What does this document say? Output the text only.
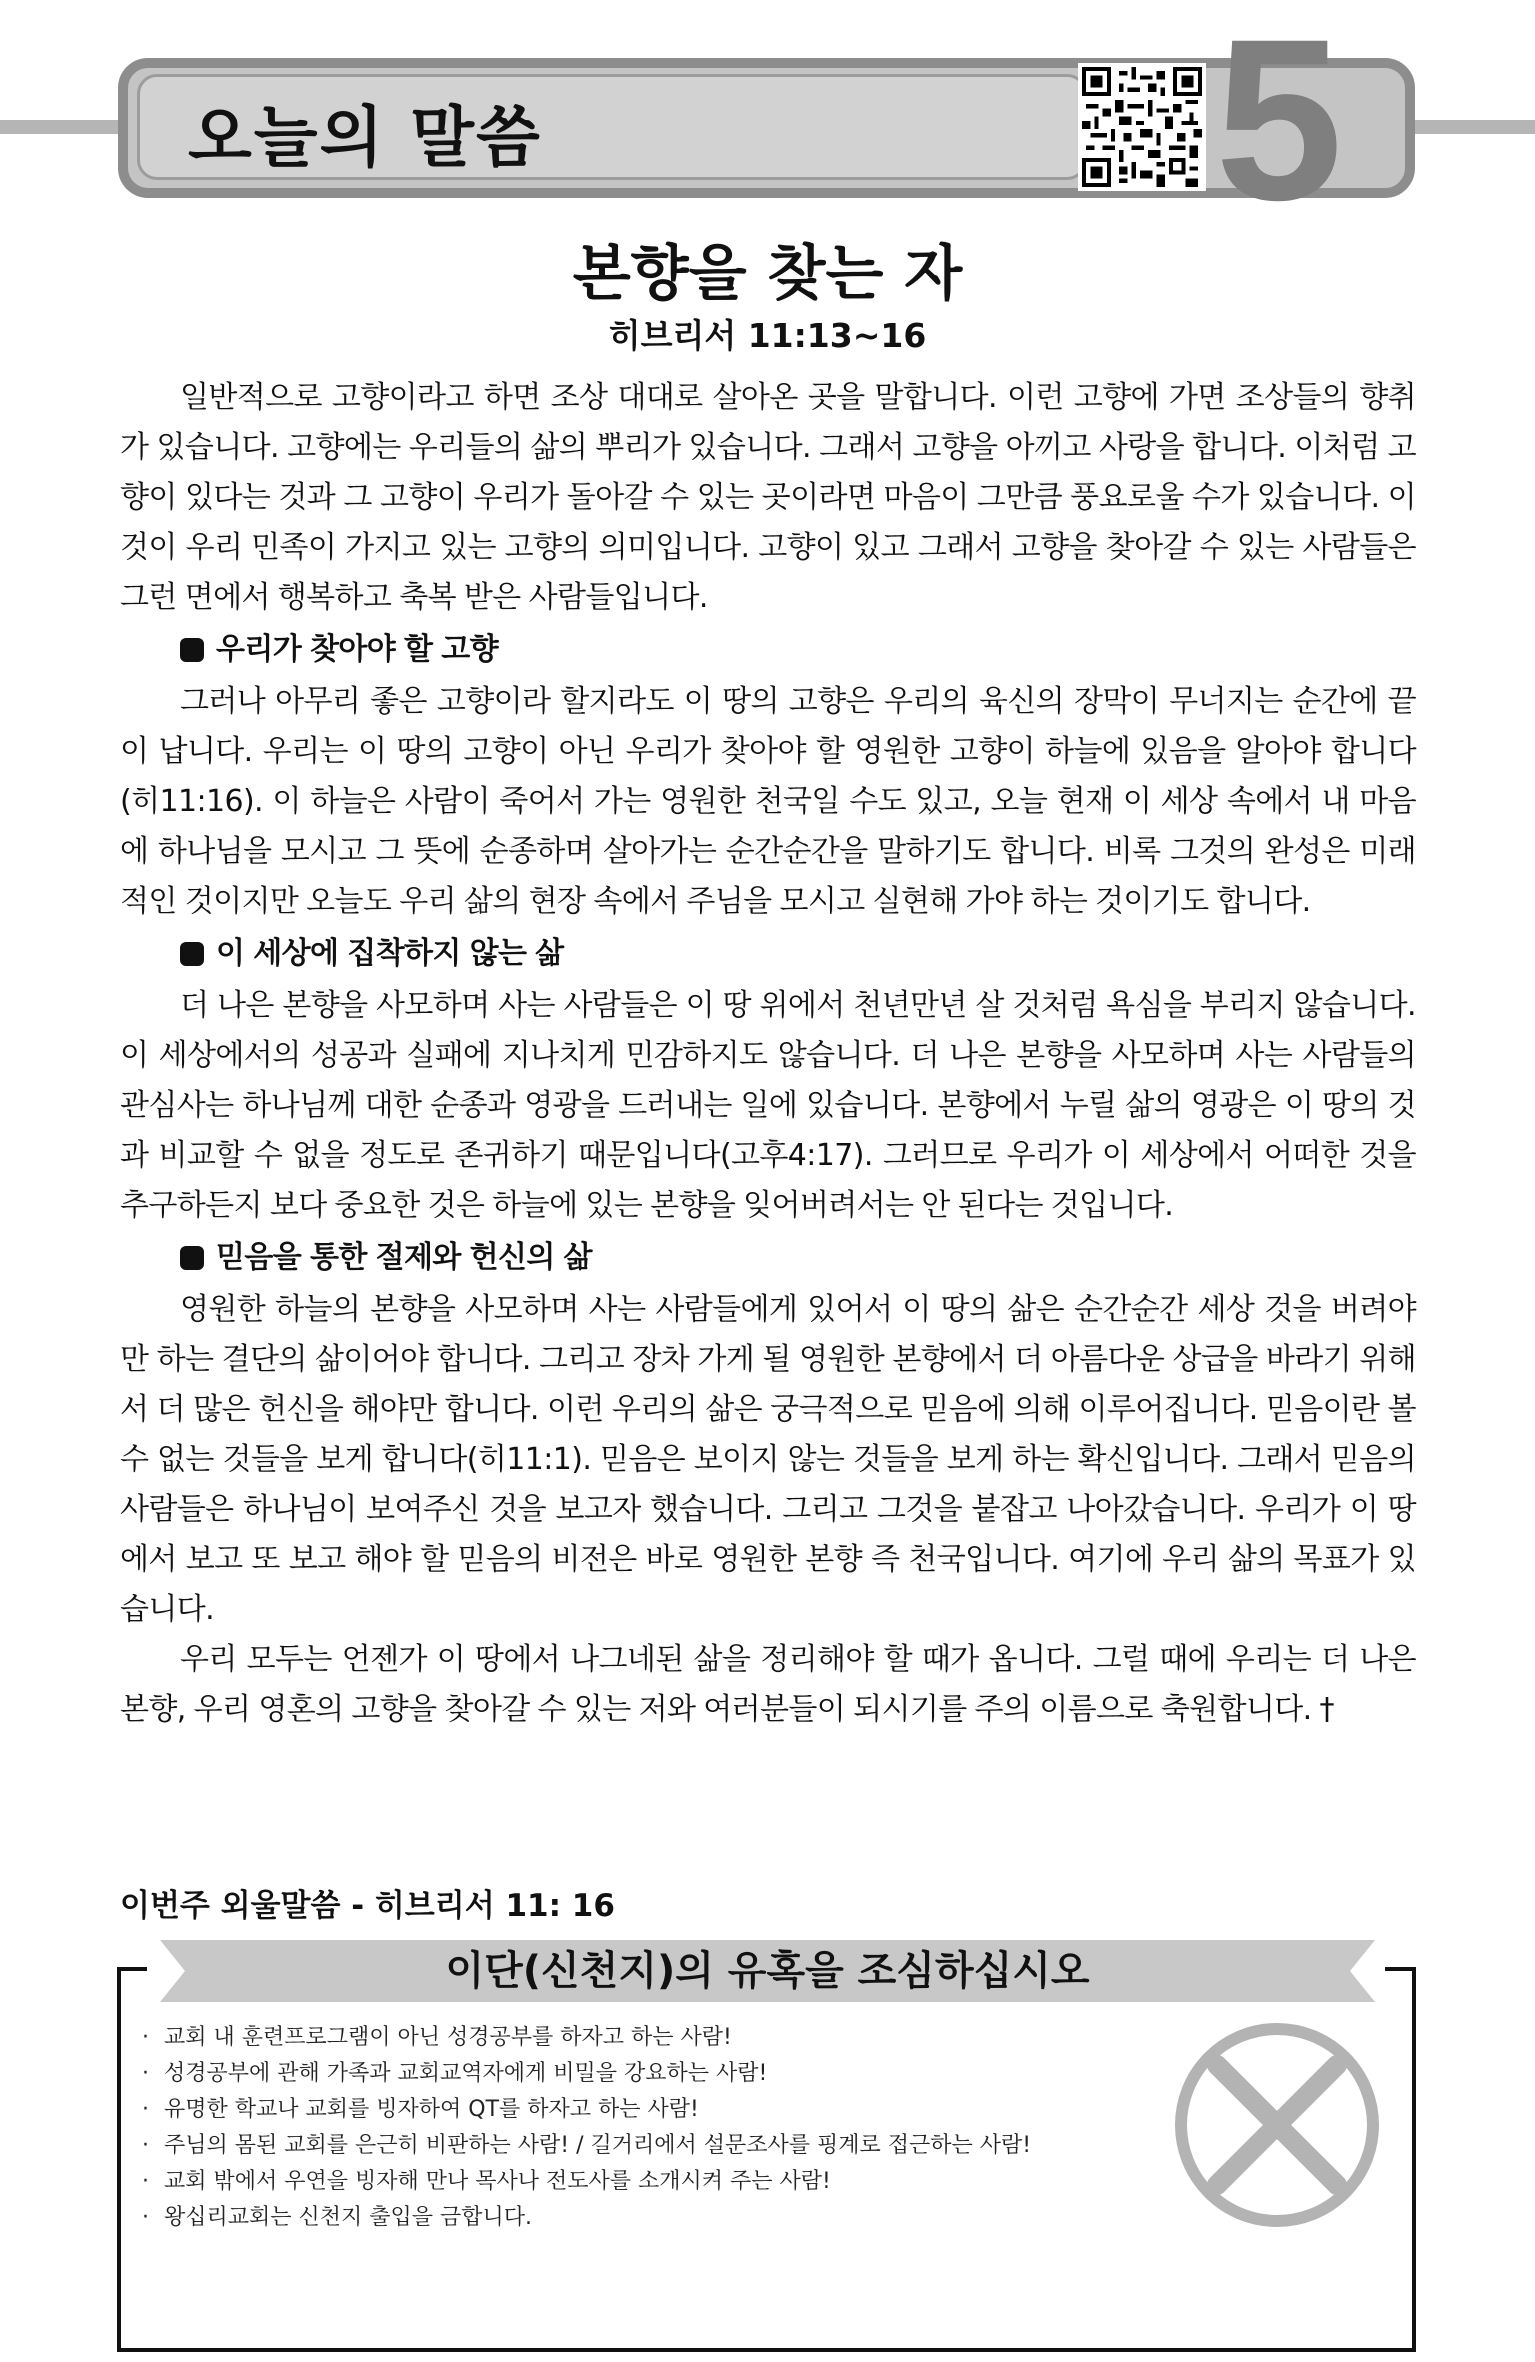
오늘의 말씀	5
본향을 찾는 자
히브리서 11:13~16

일반적으로 고향이라고 하면 조상 대대로 살아온 곳을 말합니다. 이런 고향에 가면 조상들의 향취가 있습니다. 고향에는 우리들의 삶의 뿌리가 있습니다. 그래서 고향을 아끼고 사랑을 합니다. 이처럼 고향이 있다는 것과 그 고향이 우리가 돌아갈 수 있는 곳이라면 마음이 그만큼 풍요로울 수가 있습니다. 이것이 우리 민족이 가지고 있는 고향의 의미입니다. 고향이 있고 그래서 고향을 찾아갈 수 있는 사람들은 그런 면에서 행복하고 축복 받은 사람들입니다.

우리가 찾아야 할 고향

그러나 아무리 좋은 고향이라 할지라도 이 땅의 고향은 우리의 육신의 장막이 무너지는 순간에 끝이 납니다. 우리는 이 땅의 고향이 아닌 우리가 찾아야 할 영원한 고향이 하늘에 있음을 알아야 합니다(히11:16). 이 하늘은 사람이 죽어서 가는 영원한 천국일 수도 있고, 오늘 현재 이 세상 속에서 내 마음에 하나님을 모시고 그 뜻에 순종하며 살아가는 순간순간을 말하기도 합니다. 비록 그것의 완성은 미래적인 것이지만 오늘도 우리 삶의 현장 속에서 주님을 모시고 실현해 가야 하는 것이기도 합니다.

이 세상에 집착하지 않는 삶

더 나은 본향을 사모하며 사는 사람들은 이 땅 위에서 천년만년 살 것처럼 욕심을 부리지 않습니다. 이 세상에서의 성공과 실패에 지나치게 민감하지도 않습니다. 더 나은 본향을 사모하며 사는 사람들의 관심사는 하나님께 대한 순종과 영광을 드러내는 일에 있습니다. 본향에서 누릴 삶의 영광은 이 땅의 것과 비교할 수 없을 정도로 존귀하기 때문입니다(고후4:17). 그러므로 우리가 이 세상에서 어떠한 것을 추구하든지 보다 중요한 것은 하늘에 있는 본향을 잊어버려서는 안 된다는 것입니다.

믿음을 통한 절제와 헌신의 삶

영원한 하늘의 본향을 사모하며 사는 사람들에게 있어서 이 땅의 삶은 순간순간 세상 것을 버려야만 하는 결단의 삶이어야 합니다. 그리고 장차 가게 될 영원한 본향에서 더 아름다운 상급을 바라기 위해서 더 많은 헌신을 해야만 합니다. 이런 우리의 삶은 궁극적으로 믿음에 의해 이루어집니다. 믿음이란 볼 수 없는 것들을 보게 합니다(히11:1). 믿음은 보이지 않는 것들을 보게 하는 확신입니다. 그래서 믿음의 사람들은 하나님이 보여주신 것을 보고자 했습니다. 그리고 그것을 붙잡고 나아갔습니다. 우리가 이 땅에서 보고 또 보고 해야 할 믿음의 비전은 바로 영원한 본향 즉 천국입니다. 여기에 우리 삶의 목표가 있습니다.

우리 모두는 언젠가 이 땅에서 나그네된 삶을 정리해야 할 때가 옵니다. 그럴 때에 우리는 더 나은 본향, 우리 영혼의 고향을 찾아갈 수 있는 저와 여러분들이 되시기를 주의 이름으로 축원합니다. †

이번주 외울말씀 - 히브리서 11: 16
이단(신천지)의 유혹을 조심하십시오
· 교회 내 훈련프로그램이 아닌 성경공부를 하자고 하는 사람!
· 성경공부에 관해 가족과 교회교역자에게 비밀을 강요하는 사람!
· 유명한 학교나 교회를 빙자하여 QT를 하자고 하는 사람!
· 주님의 몸된 교회를 은근히 비판하는 사람! / 길거리에서 설문조사를 핑계로 접근하는 사람!
· 교회 밖에서 우연을 빙자해 만나 목사나 전도사를 소개시켜 주는 사람!
· 왕십리교회는 신천지 출입을 금합니다.
